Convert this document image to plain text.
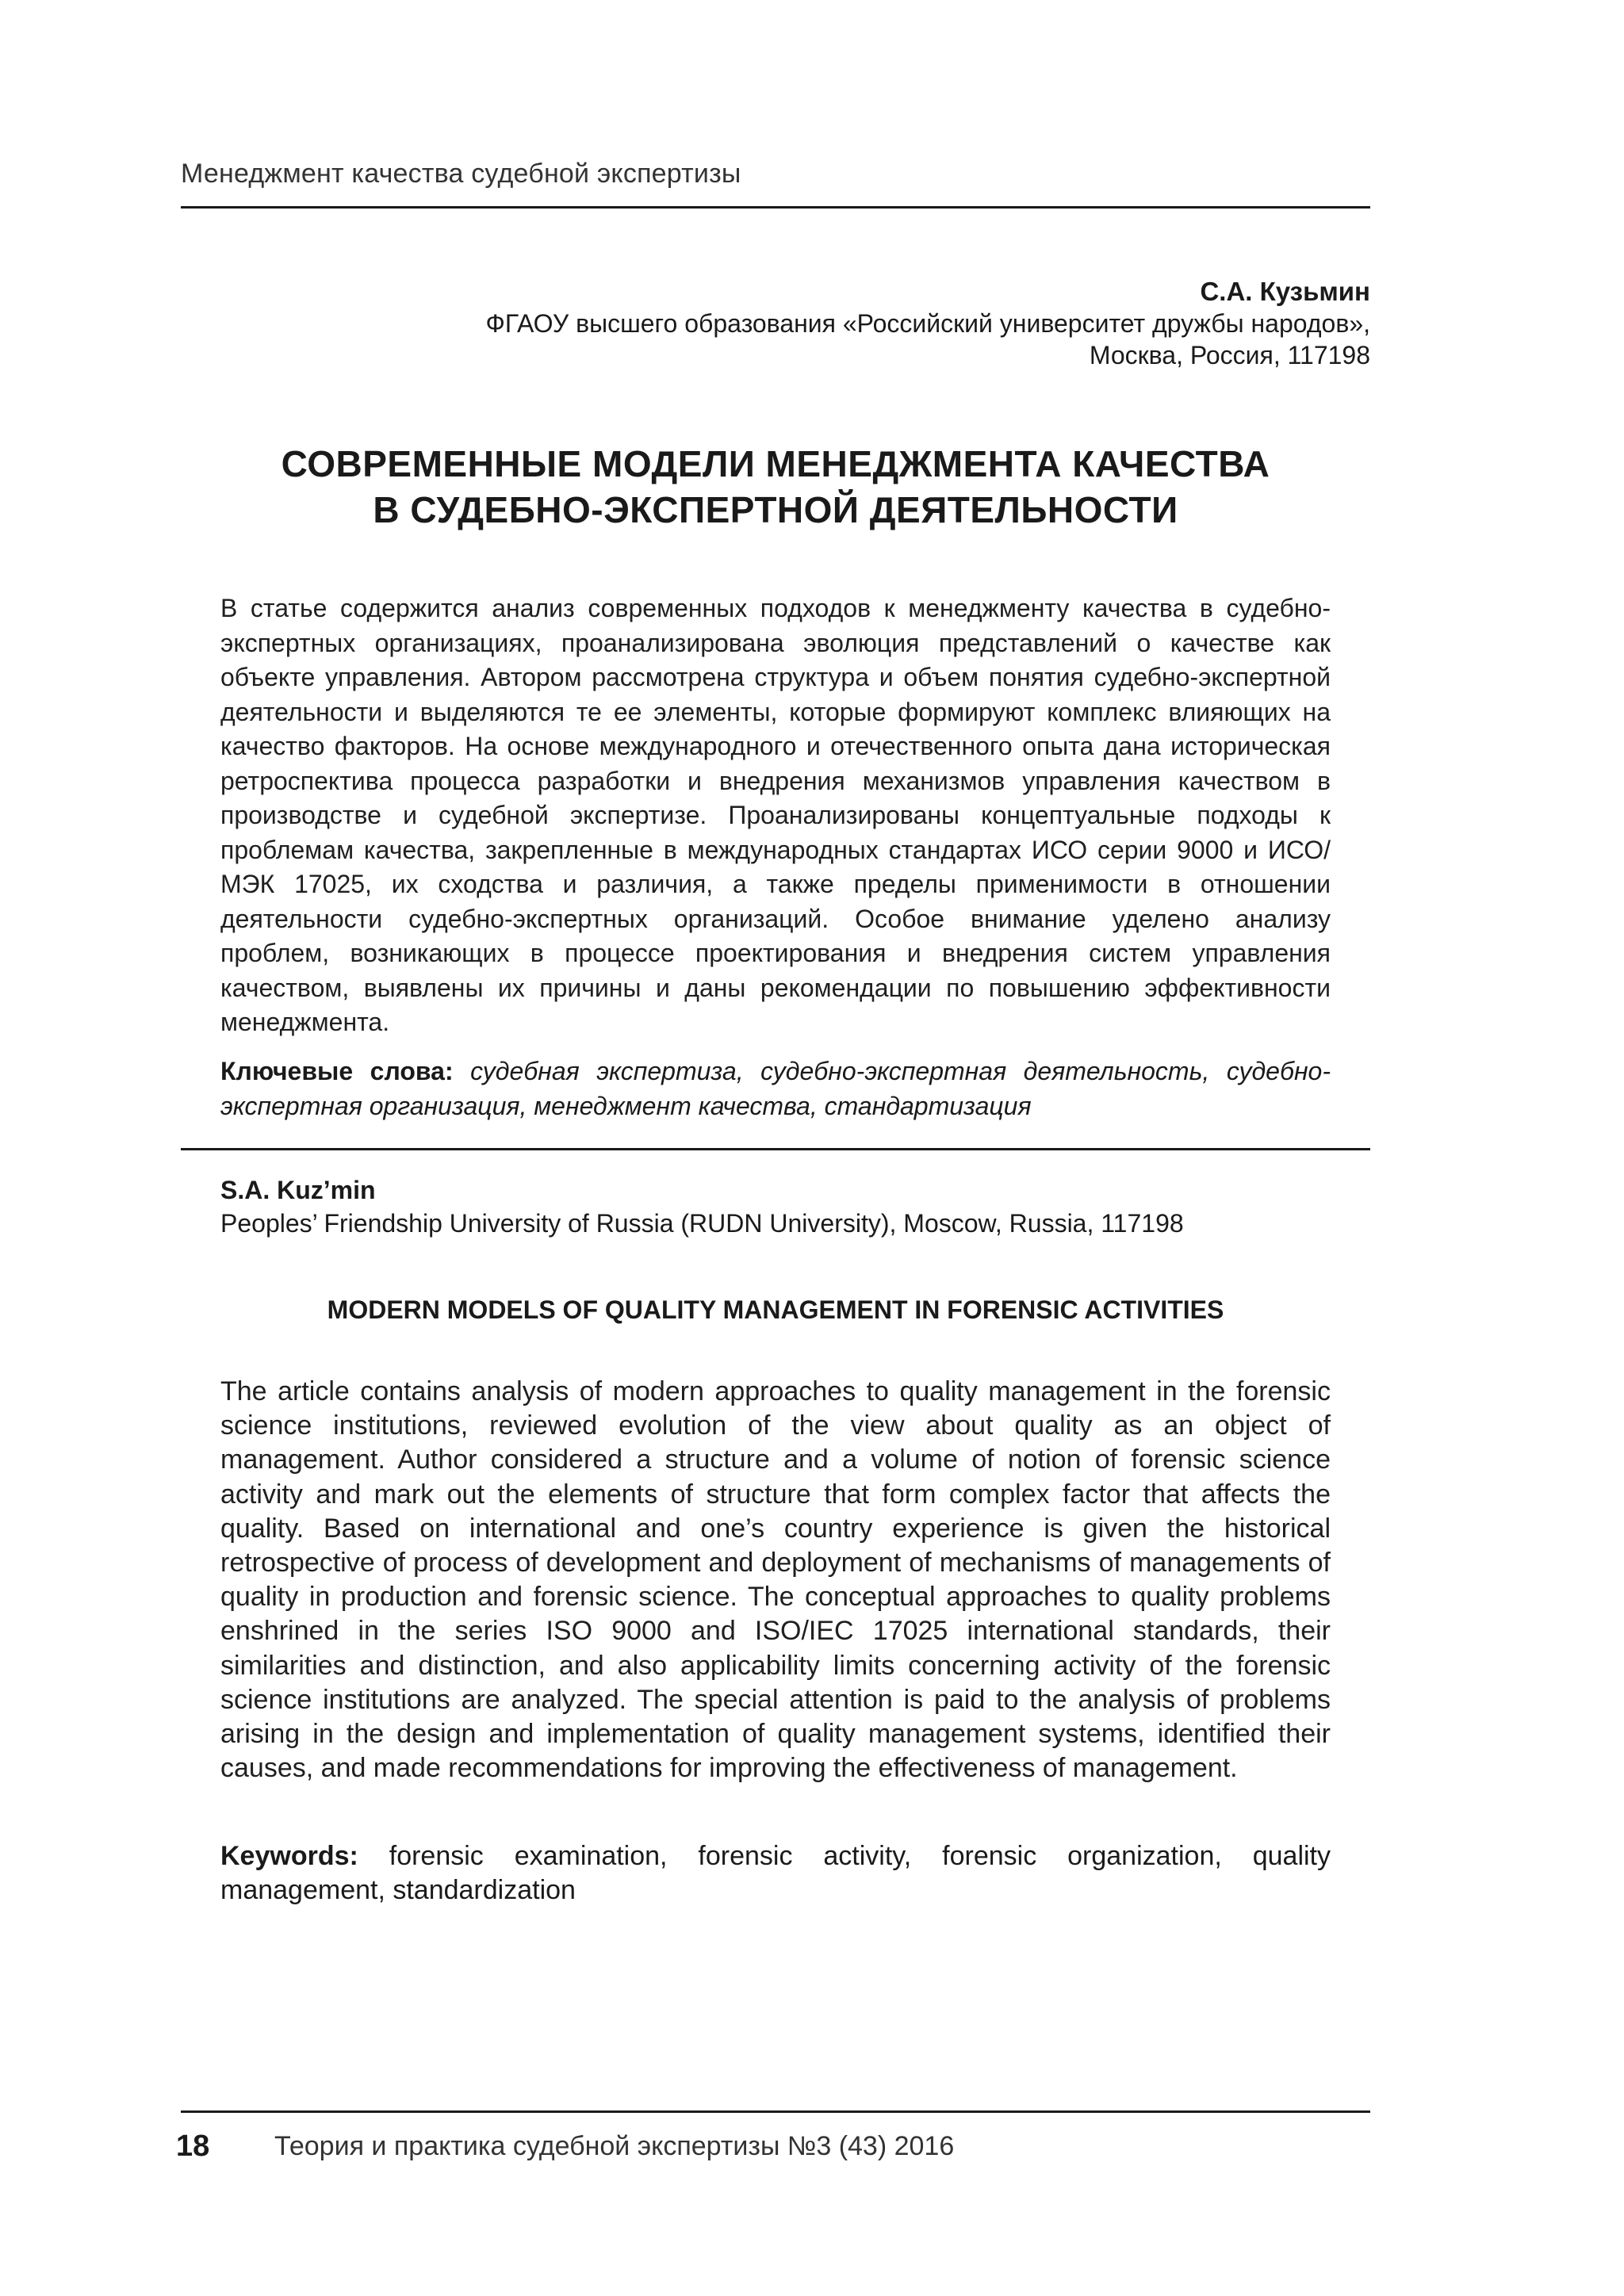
Менеджмент качества судебной экспертизы
С.А. Кузьмин
ФГАОУ высшего образования «Российский университет дружбы народов»,
Москва, Россия, 117198
СОВРЕМЕННЫЕ МОДЕЛИ МЕНЕДЖМЕНТА КАЧЕСТВА
В СУДЕБНО-ЭКСПЕРТНОЙ ДЕЯТЕЛЬНОСТИ
В статье содержится анализ современных подходов к менеджменту качества в судебно-экспертных организациях, проанализирована эволюция представлений о качестве как объекте управления. Автором рассмотрена структура и объем понятия судебно-экспертной деятельности и выделяются те ее элементы, которые формируют комплекс влияющих на качество факторов. На основе международного и отечественного опыта дана историческая ретроспектива процесса разработки и внедрения механизмов управления качеством в производстве и судебной экспертизе. Проанализированы концептуальные подходы к проблемам качества, закрепленные в международных стандартах ИСО серии 9000 и ИСО/МЭК 17025, их сходства и различия, а также пределы применимости в отношении деятельности судебно-экспертных организаций. Особое внимание уделено анализу проблем, возникающих в процессе проектирования и внедрения систем управления качеством, выявлены их причины и даны рекомендации по повышению эффективности менеджмента.
Ключевые слова: судебная экспертиза, судебно-экспертная деятельность, судебно-экспертная организация, менеджмент качества, стандартизация
S.A. Kuz’min
Peoples’ Friendship University of Russia (RUDN University), Moscow, Russia, 117198
MODERN MODELS OF QUALITY MANAGEMENT IN FORENSIC ACTIVITIES
The article contains analysis of modern approaches to quality management in the forensic science institutions, reviewed evolution of the view about quality as an object of management. Author considered a structure and a volume of notion of forensic science activity and mark out the elements of structure that form complex factor that affects the quality. Based on international and one’s country experience is given the historical retrospective of process of development and deployment of mechanisms of managements of quality in production and forensic science. The conceptual approaches to quality problems enshrined in the series ISO 9000 and ISO/IEC 17025 international standards, their similarities and distinction, and also applicability limits concerning activity of the forensic science institutions are analyzed. The special attention is paid to the analysis of problems arising in the design and implementation of quality management systems, identified their causes, and made recommendations for improving the effectiveness of management.
Keywords: forensic examination, forensic activity, forensic organization, quality management, standardization
18 Теория и практика судебной экспертизы №3 (43) 2016
